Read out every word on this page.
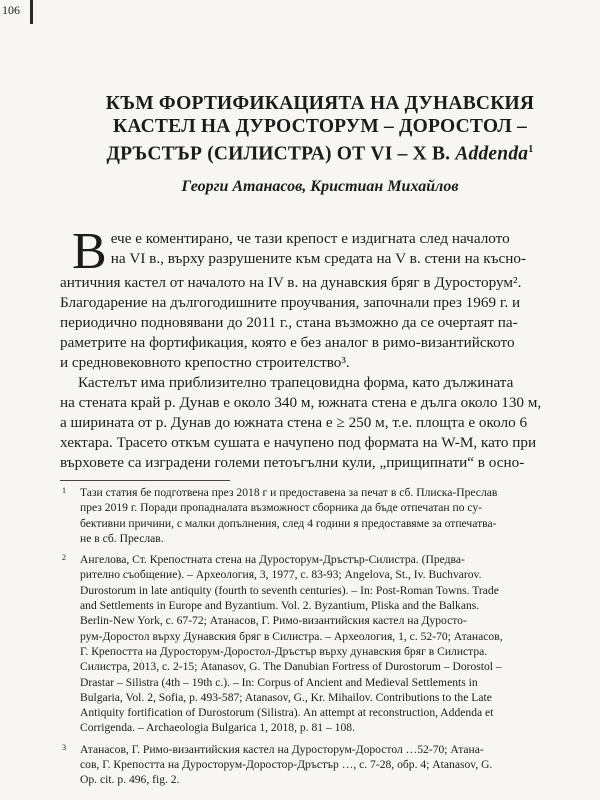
106
КЪМ ФОРТИФИКАЦИЯТА НА ДУНАВСКИЯ
КАСТЕЛ НА ДУРОСТОРУМ – ДОРОСТОЛ –
ДРЪСТЪР (СИЛИСТРА) ОТ VI – X В. Addenda$^1$
Георги Атанасов, Кристиан Михайлов
В ече е коментирано, че тази крепост е издигната след началото
на VI в., върху разрушените към средата на V в. стени на късно-
античния кастел от началото на IV в. на дунавския бряг в Дуросторум².
Благодарение на дългогодишните проучвания, започнали през 1969 г. и
периодично подновявани до 2011 г., стана възможно да се очертаят па-
раметрите на фортификация, която е без аналог в римо-византийското
и средновековното крепостно строителство³.
Кастелът има приблизително трапецовидна форма, като дължината
на стената край р. Дунав е около 340 м, южната стена е дълга около 130 м,
а ширината от р. Дунав до южната стена е ≥ 250 м, т.е. площта е около 6
хектара. Трасето откъм сушата е начупено под формата на W-M, като при
върховете са изградени големи петоъгълни кули, „прищипнати“ в осно-
1 Тази статия бе подготвена през 2018 г и предоставена за печат в сб. Плиска-Преслав
през 2019 г. Поради пропадналата възможност сборника да бъде отпечатан по су-
бективни причини, с малки допълнения, след 4 години я предоставяме за отпечатва-
не в сб. Преслав.
2 Ангелова, Ст. Крепостната стена на Дуросторум-Дръстър-Силистра. (Предва-
рително съобщение). – Археология, 3, 1977, с. 83-93; Angelova, St., Iv. Buchvarov.
Durostorum in late antiquity (fourth to seventh centuries). – In: Post-Roman Towns. Trade
and Settlements in Europe and Byzantium. Vol. 2. Byzantium, Pliska and the Balkans.
Berlin-New York, с. 67-72; Атанасов, Г. Римо-византийския кастел на Дуросто-
рум-Доростол върху Дунавския бряг в Силистра. – Археология, 1, с. 52-70; Атанасов,
Г. Крепостта на Дуросторум-Доростол-Дръстър върху дунавския бряг в Силистра.
Силистра, 2013, с. 2-15; Atanasov, G. The Danubian Fortress of Durostorum – Dorostol –
Drastar – Silistra (4th – 19th c.). – In: Corpus of Ancient and Medieval Settlements in
Bulgaria, Vol. 2, Sofia, p. 493-587; Atanasov, G., Kr. Mihailov. Contributions to the Late
Antiquity fortification of Durostorum (Silistra). An attempt at reconstruction, Addenda et
Corrigenda. – Archaeologia Bulgarica 1, 2018, p. 81 – 108.
3 Атанасов, Г. Римо-византийския кастел на Дуросторум-Доростол …52-70; Атана-
сов, Г. Крепостта на Дуросторум-Доростор-Дръстър …, с. 7-28, обр. 4; Atanasov, G.
Op. cit. p. 496, fig. 2.
